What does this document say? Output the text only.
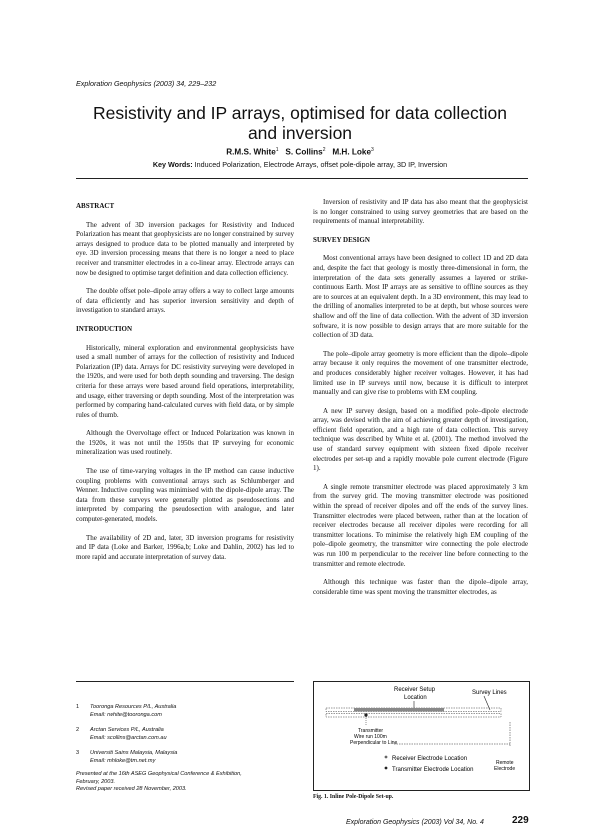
Exploration Geophysics (2003) 34, 229–232
Resistivity and IP arrays, optimised for data collection
and inversion
R.M.S. White$^1$ S. Collins$^2$ M.H. Loke$^3$
Key Words: Induced Polarization, Electrode Arrays, offset pole-dipole array, 3D IP, Inversion
ABSTRACT

The advent of 3D inversion packages for Resistivity and Induced Polarization has meant that geophysicists are no longer constrained by survey arrays designed to produce data to be plotted manually and interpreted by eye. 3D inversion processing means that there is no longer a need to place receiver and transmitter electrodes in a co-linear array. Electrode arrays can now be designed to optimise target definition and data collection efficiency.

The double offset pole–dipole array offers a way to collect large amounts of data efficiently and has superior inversion sensitivity and depth of investigation to standard arrays.

INTRODUCTION

Historically, mineral exploration and environmental geophysicists have used a small number of arrays for the collection of resistivity and Induced Polarization (IP) data. Arrays for DC resistivity surveying were developed in the 1920s, and were used for both depth sounding and traversing. The design criteria for these arrays were based around field operations, interpretability, and usage, either traversing or depth sounding. Most of the interpretation was performed by comparing hand-calculated curves with field data, or by simple rules of thumb.

Although the Overvoltage effect or Induced Polarization was known in the 1920s, it was not until the 1950s that IP surveying for economic mineralization was used routinely.

The use of time-varying voltages in the IP method can cause inductive coupling problems with conventional arrays such as Schlumberger and Wenner. Inductive coupling was minimised with the dipole-dipole array. The data from these surveys were generally plotted as pseudosections and interpreted by comparing the pseudosection with analogue, and later computer-generated, models.

The availability of 2D and, later, 3D inversion programs for resistivity and IP data (Loke and Barker, 1996a,b; Loke and Dahlin, 2002) has led to more rapid and accurate interpretation of survey data.

Inversion of resistivity and IP data has also meant that the geophysicist is no longer constrained to using survey geometries that are based on the requirements of manual interpretability.

SURVEY DESIGN

Most conventional arrays have been designed to collect 1D and 2D data and, despite the fact that geology is mostly three-dimensional in form, the interpretation of the data sets generally assumes a layered or strike-continuous Earth. Most IP arrays are as sensitive to offline sources as they are to sources at an equivalent depth. In a 3D environment, this may lead to the drilling of anomalies interpreted to be at depth, but whose sources were shallow and off the line of data collection. With the advent of 3D inversion software, it is now possible to design arrays that are more suitable for the collection of 3D data.

The pole–dipole array geometry is more efficient than the dipole–dipole array because it only requires the movement of one transmitter electrode, and produces considerably higher receiver voltages. However, it has had limited use in IP surveys until now, because it is difficult to interpret manually and can give rise to problems with EM coupling.

A new IP survey design, based on a modified pole–dipole electrode array, was devised with the aim of achieving greater depth of investigation, efficient field operation, and a high rate of data collection. This survey technique was described by White et al. (2001). The method involved the use of standard survey equipment with sixteen fixed dipole receiver electrodes per set-up and a rapidly movable pole current electrode (Figure 1).

A single remote transmitter electrode was placed approximately 3 km from the survey grid. The moving transmitter electrode was positioned within the spread of receiver dipoles and off the ends of the survey lines. Transmitter electrodes were placed between, rather than at the location of receiver electrodes because all receiver dipoles were recording for all transmitter locations. To minimise the relatively high EM coupling of the pole–dipole geometry, the transmitter wire connecting the pole electrode was run 100 m perpendicular to the receiver line before connecting to the transmitter and remote electrode.

Although this technique was faster than the dipole–dipole array, considerable time was spent moving the transmitter electrodes, as

1 Tooronga Resources P/L, Australia
Email: rwhite@tooronga.com
2 Arctan Services P/L, Australia
Email: scollins@arctan.com.au
3 Universiti Sains Malaysia, Malaysia
Email: mhloke@tm.net.my
Presented at the 16th ASEG Geophysical Conference & Exhibition,
February, 2003.
Revised paper received 28 November, 2003.
Receiver Setup
Location
Survey Lines
Transmitter
Wire run 100m
Perpendicular to Line
Receiver Electrode Location
Transmitter Electrode Location
Remote
Electrode
Fig. 1. Inline Pole-Dipole Set-up.
Exploration Geophysics (2003) Vol 34, No. 4	229
